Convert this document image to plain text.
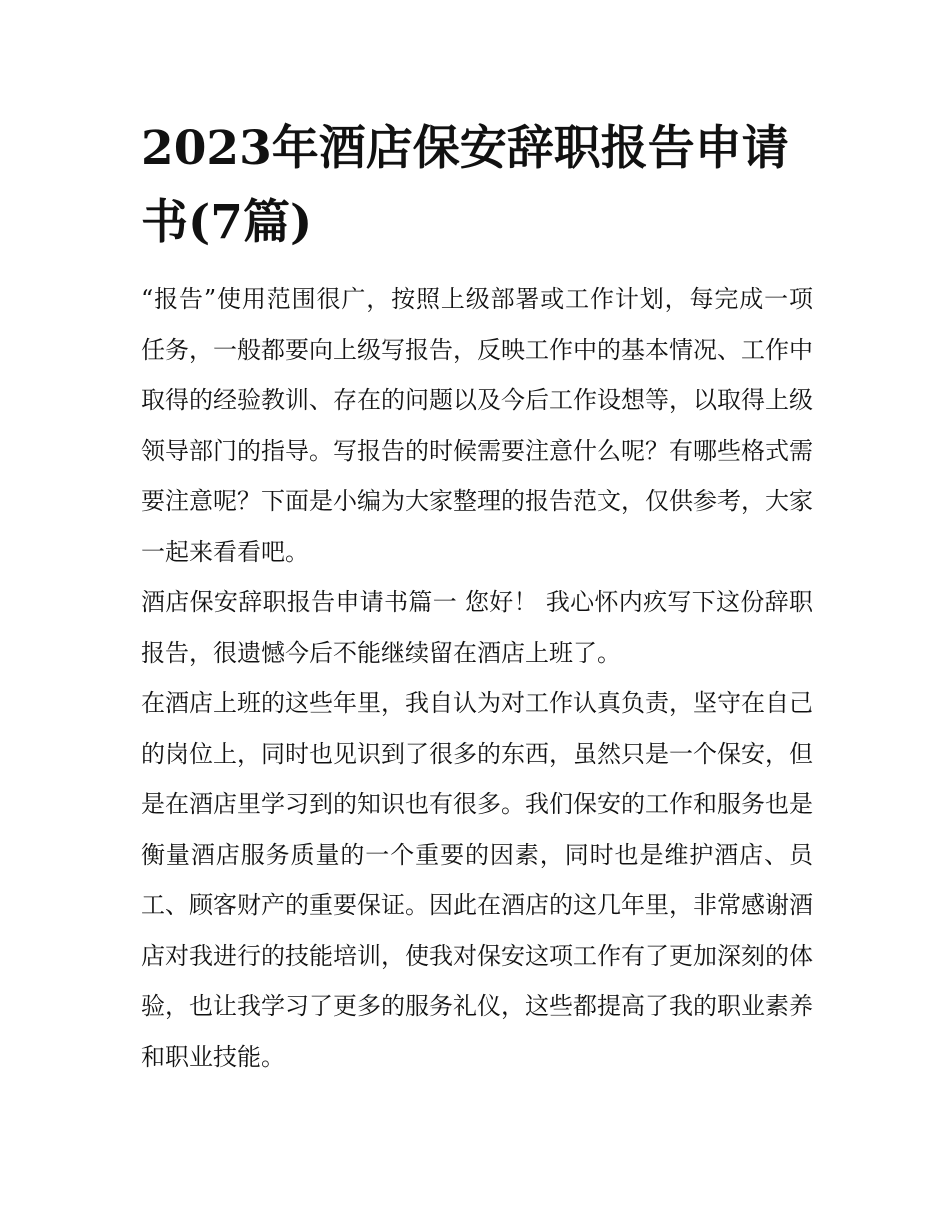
2023年酒店保安辞职报告申请书(7篇)

“报告”使用范围很广，按照上级部署或工作计划，每完成一项任务，一般都要向上级写报告，反映工作中的基本情况、工作中取得的经验教训、存在的问题以及今后工作设想等，以取得上级领导部门的指导。写报告的时候需要注意什么呢？有哪些格式需要注意呢？下面是小编为大家整理的报告范文，仅供参考，大家一起来看看吧。

酒店保安辞职报告申请书篇一 您好！ 我心怀内疚写下这份辞职报告，很遗憾今后不能继续留在酒店上班了。

在酒店上班的这些年里，我自认为对工作认真负责，坚守在自己的岗位上，同时也见识到了很多的东西，虽然只是一个保安，但是在酒店里学习到的知识也有很多。我们保安的工作和服务也是衡量酒店服务质量的一个重要的因素，同时也是维护酒店、员工、顾客财产的重要保证。因此在酒店的这几年里，非常感谢酒店对我进行的技能培训，使我对保安这项工作有了更加深刻的体验，也让我学习了更多的服务礼仪，这些都提高了我的职业素养和职业技能。
